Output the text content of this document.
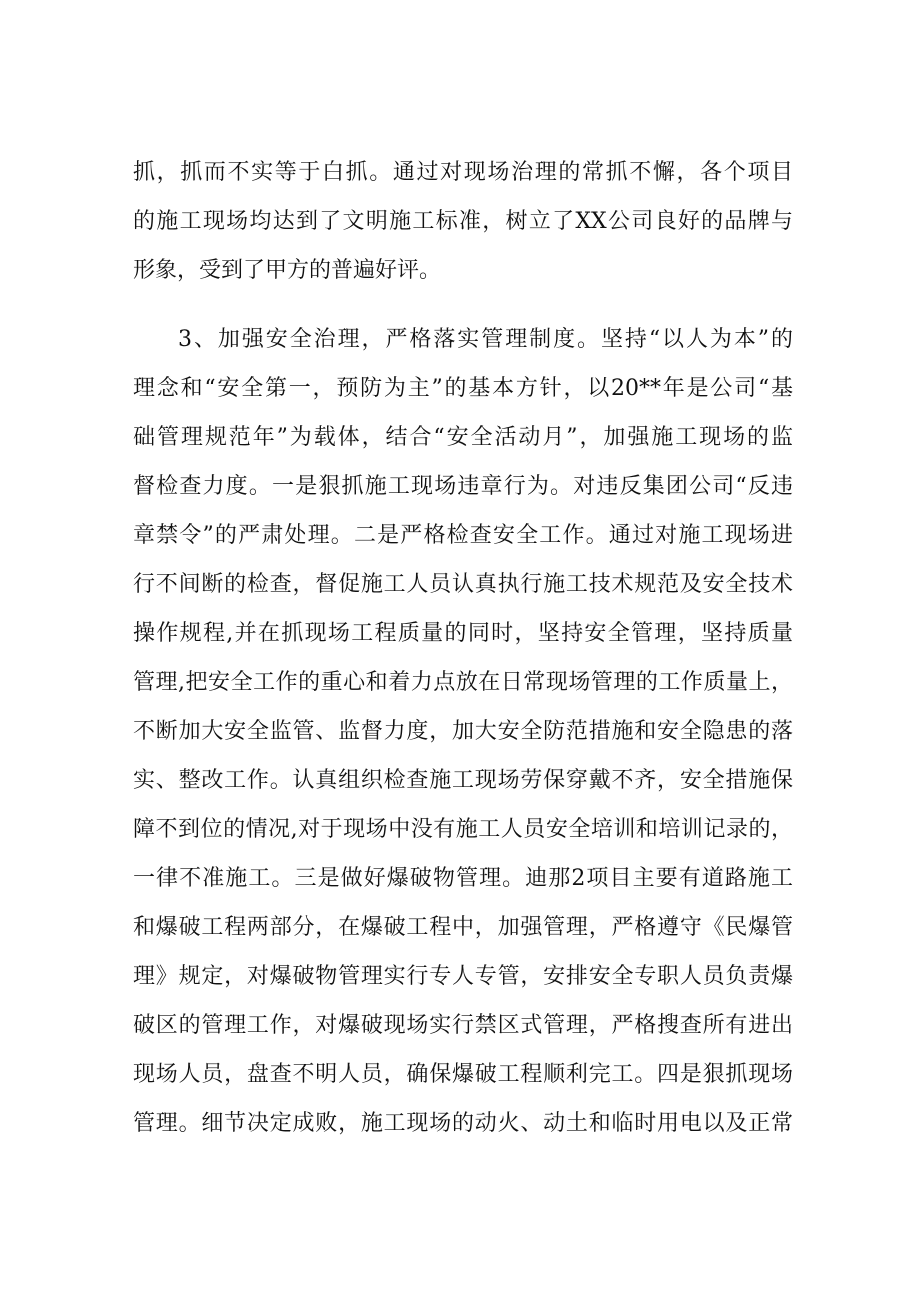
抓，抓而不实等于白抓。通过对现场治理的常抓不懈，各个项目
的施工现场均达到了文明施工标准，树立了XX公司良好的品牌与
形象，受到了甲方的普遍好评。
3、加强安全治理，严格落实管理制度。坚持“以人为本”的
理念和“安全第一，预防为主”的基本方针，以20**年是公司“基
础管理规范年”为载体，结合“安全活动月”，加强施工现场的监
督检查力度。一是狠抓施工现场违章行为。对违反集团公司“反违
章禁令”的严肃处理。二是严格检查安全工作。通过对施工现场进
行不间断的检查，督促施工人员认真执行施工技术规范及安全技术
操作规程,并在抓现场工程质量的同时，坚持安全管理，坚持质量
管理,把安全工作的重心和着力点放在日常现场管理的工作质量上，
不断加大安全监管、监督力度，加大安全防范措施和安全隐患的落
实、整改工作。认真组织检查施工现场劳保穿戴不齐，安全措施保
障不到位的情况,对于现场中没有施工人员安全培训和培训记录的，
一律不准施工。三是做好爆破物管理。迪那2项目主要有道路施工
和爆破工程两部分，在爆破工程中，加强管理，严格遵守《民爆管
理》规定，对爆破物管理实行专人专管，安排安全专职人员负责爆
破区的管理工作，对爆破现场实行禁区式管理，严格搜查所有进出
现场人员，盘查不明人员，确保爆破工程顺利完工。四是狠抓现场
管理。细节决定成败，施工现场的动火、动土和临时用电以及正常
